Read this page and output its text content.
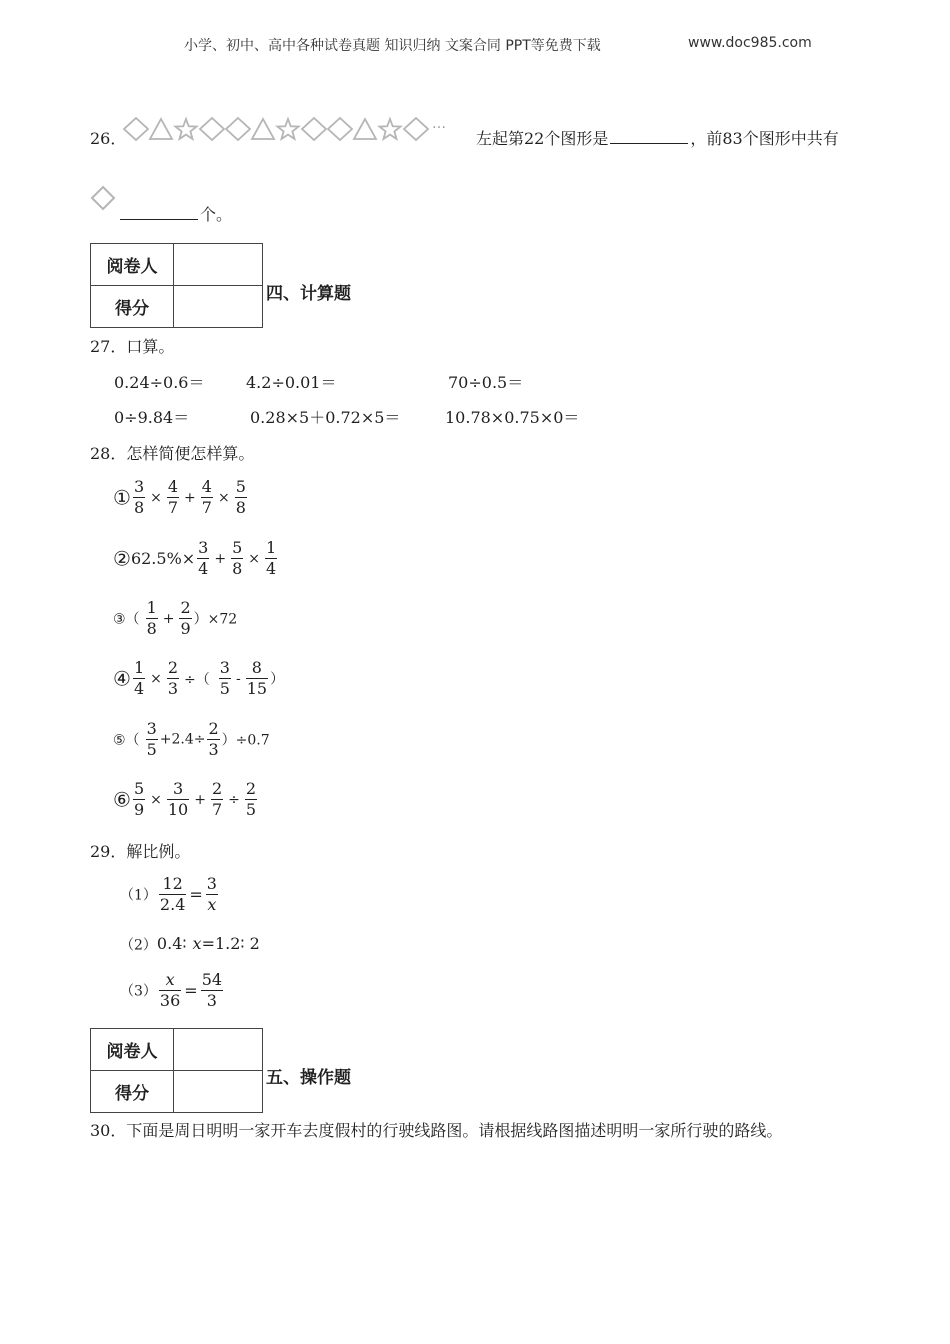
小学、初中、高中各种试卷真题 知识归纳 文案合同 PPT等免费下载	www.doc985.com
26．
…
左起第22个图形是	，前83个图形中共有
个。
阅卷人	
得分	
四、计算题
27．口算。
0.24÷0.6＝	4.2÷0.01＝	70÷0.5＝
0÷9.84＝	0.28×5＋0.72×5＝	10.78×0.75×0＝
28．怎样简便怎样算。
① $\frac{3}{8} \times \frac{4}{7} + \frac{4}{7} \times \frac{5}{8}$
②62.5%× $\frac{3}{4} + \frac{5}{8} \times \frac{1}{4}$
③（ $\frac{1}{8} + \frac{2}{9} )\times 72$
④ $\frac{1}{4} \times \frac{2}{3}$ ÷（ $\frac{3}{5} - \frac{8}{15}$ ）
⑤（ $\frac{3}{5} +2.4\div \frac{2}{3} )\div 0.7$
⑥ $\frac{5}{9} \times \frac{3}{10} + \frac{2}{7} \div \frac{2}{5}$
29．解比例。
$(1) \frac{12}{2.4} = \frac{3}{x}$
（2）0.4∶ x=1.2∶ 2
$(3) \frac{x}{36} = \frac{54}{3}$
阅卷人	
得分	
五、操作题
30．下面是周日明明一家开车去度假村的行驶线路图。请根据线路图描述明明一家所行驶的路线。
